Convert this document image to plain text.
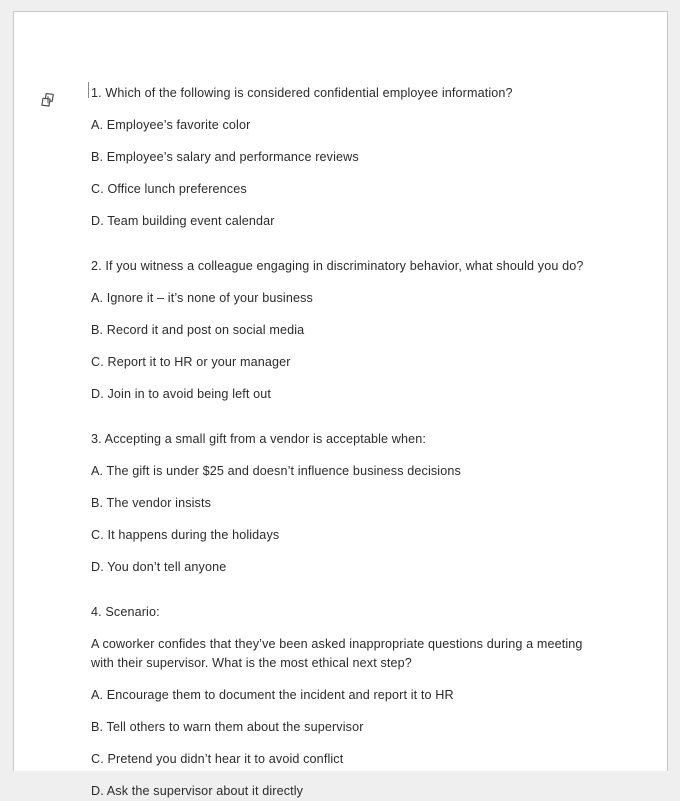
1. Which of the following is considered confidential employee information?

A. Employee’s favorite color

B. Employee’s salary and performance reviews

C. Office lunch preferences

D. Team building event calendar

2. If you witness a colleague engaging in discriminatory behavior, what should you do?

A. Ignore it – it’s none of your business

B. Record it and post on social media

C. Report it to HR or your manager

D. Join in to avoid being left out

3. Accepting a small gift from a vendor is acceptable when:

A. The gift is under $25 and doesn’t influence business decisions

B. The vendor insists

C. It happens during the holidays

D. You don’t tell anyone

4. Scenario:

A coworker confides that they’ve been asked inappropriate questions during a meeting with their supervisor. What is the most ethical next step?

A. Encourage them to document the incident and report it to HR

B. Tell others to warn them about the supervisor

C. Pretend you didn’t hear it to avoid conflict

D. Ask the supervisor about it directly
